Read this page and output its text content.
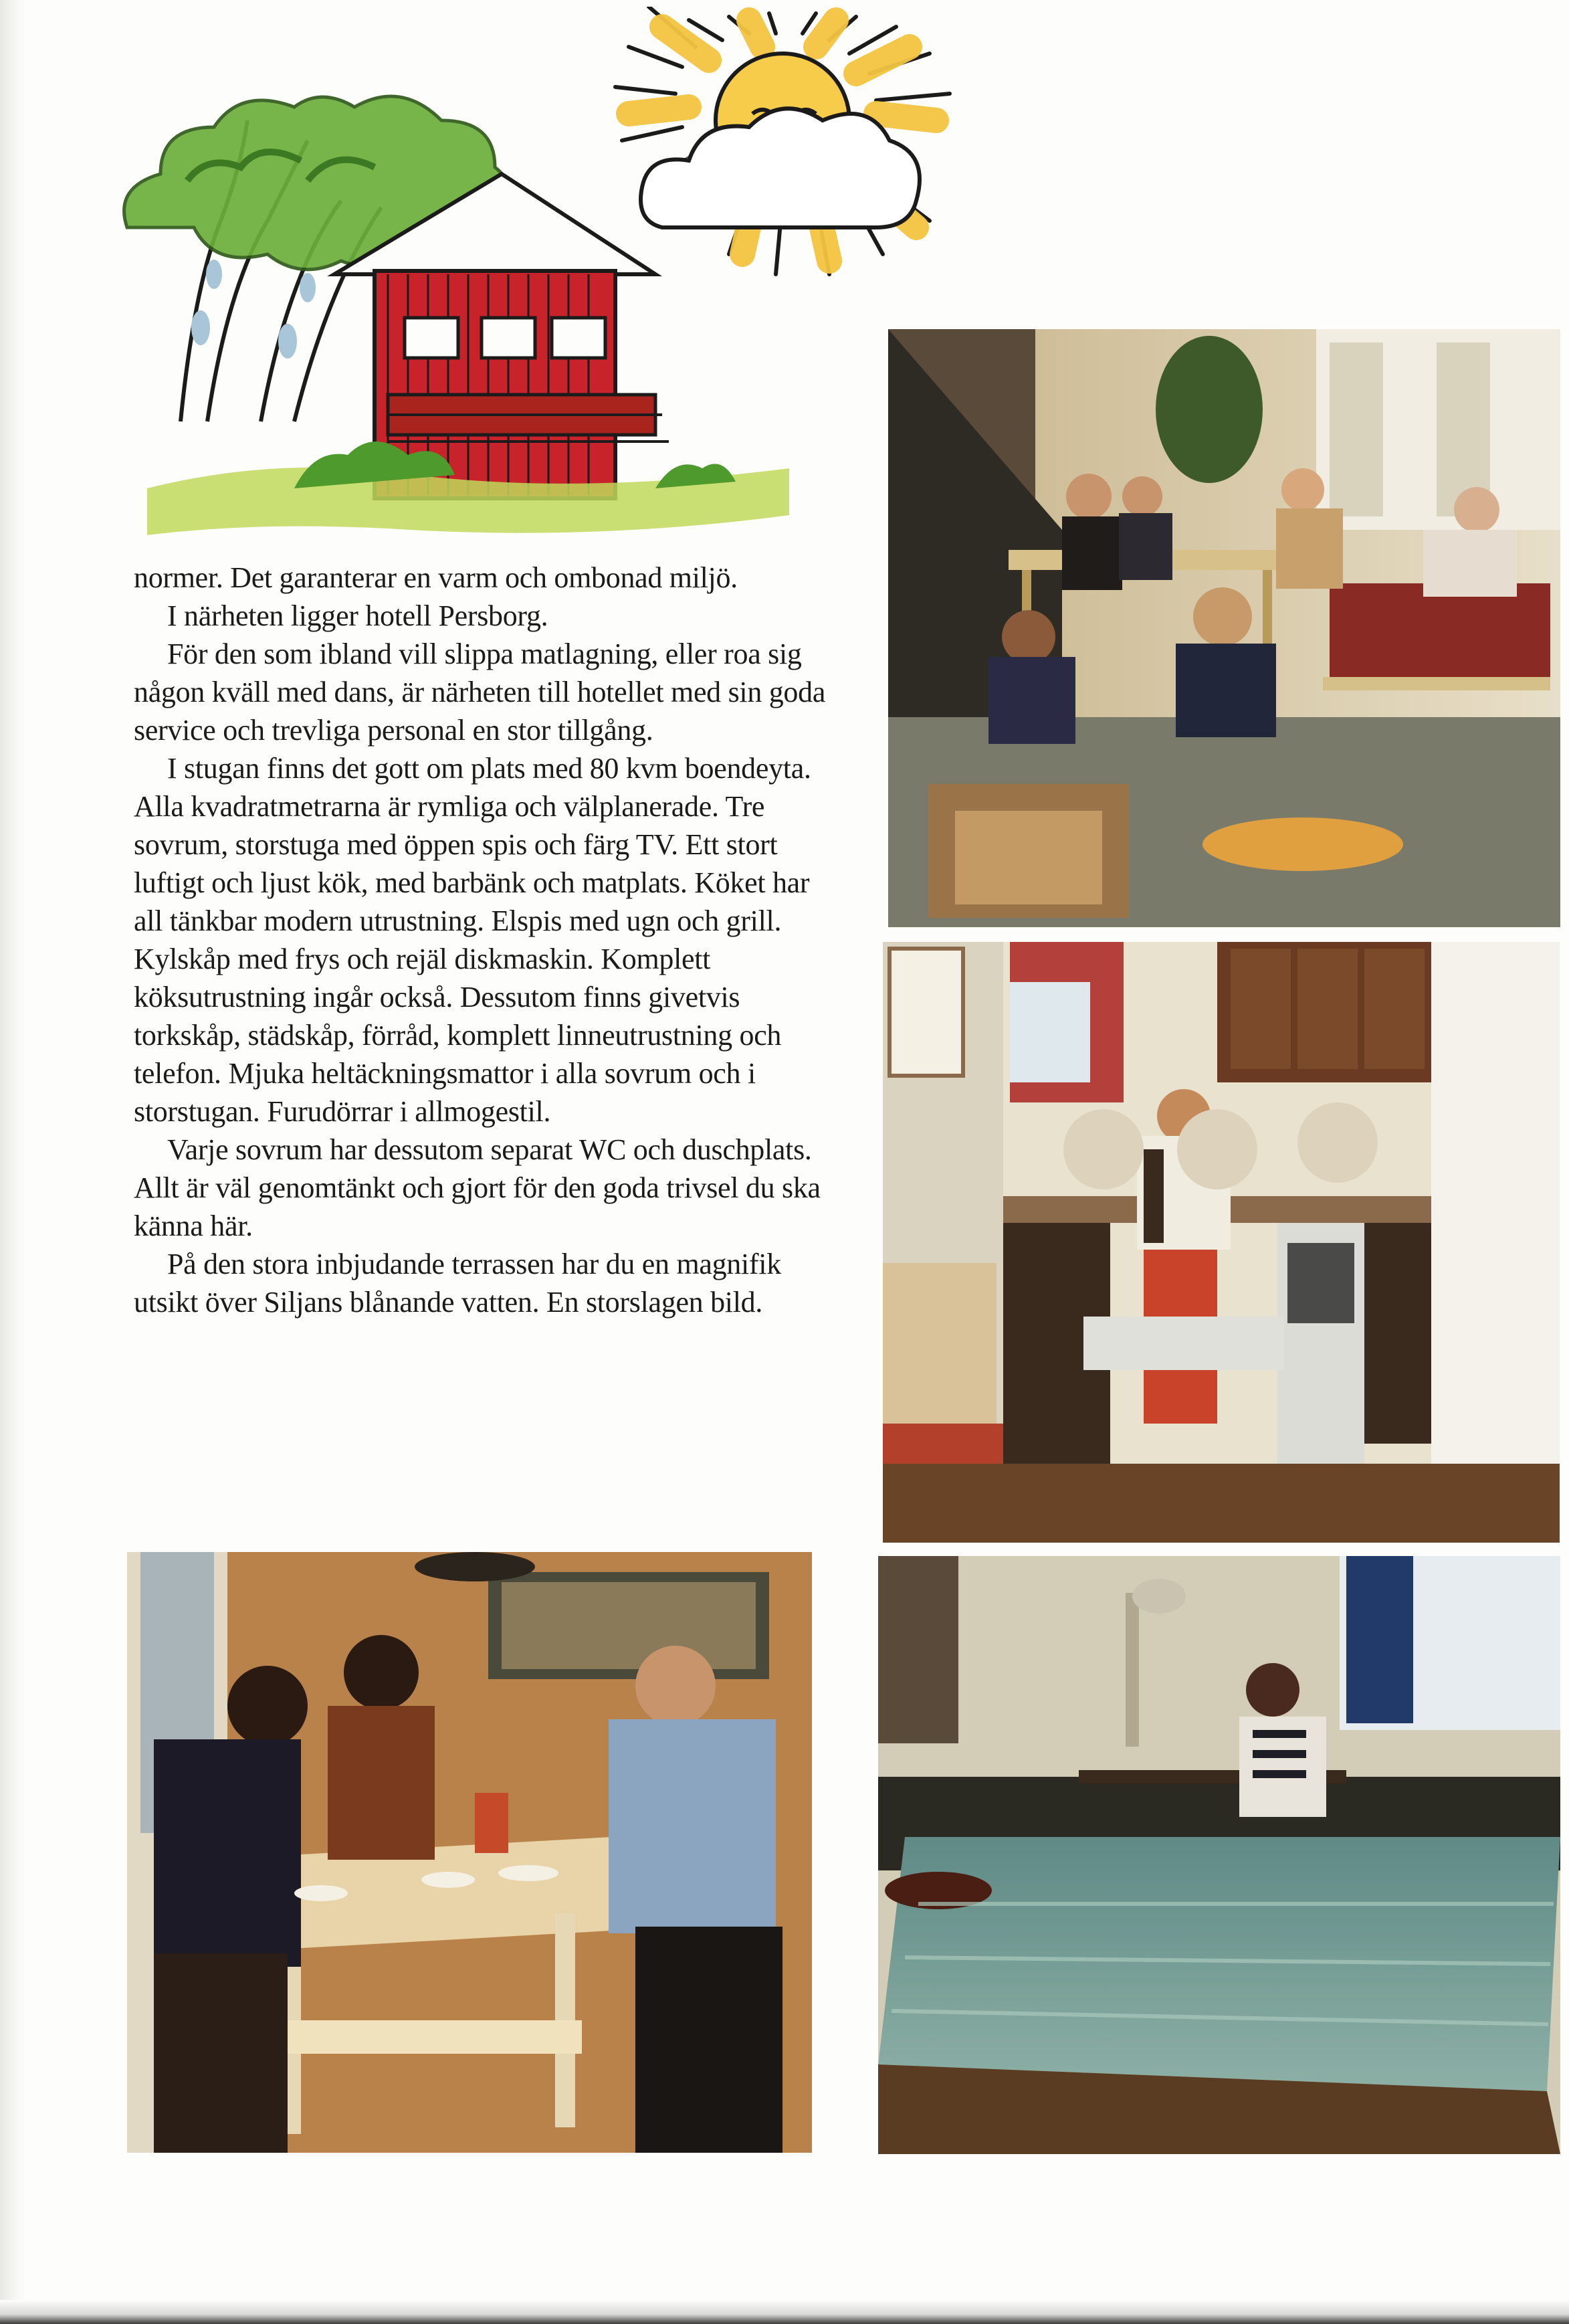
normer. Det garanterar en varm och ombonad miljö.

I närheten ligger hotell Persborg.

För den som ibland vill slippa matlagning, eller roa sig någon kväll med dans, är närheten till hotellet med sin goda service och trevliga personal en stor tillgång.

I stugan finns det gott om plats med 80 kvm boendeyta. Alla kvadratmetrarna är rymliga och välplanerade. Tre sovrum, storstuga med öppen spis och färg TV. Ett stort luftigt och ljust kök, med barbänk och matplats. Köket har all tänkbar modern utrustning. Elspis med ugn och grill. Kylskåp med frys och rejäl diskmaskin. Komplett köksutrustning ingår också. Dessutom finns givetvis torkskåp, städskåp, förråd, komplett linneutrustning och telefon. Mjuka heltäckningsmattor i alla sovrum och i storstugan. Furudörrar i allmogestil.

Varje sovrum har dessutom separat WC och duschplats. Allt är väl genomtänkt och gjort för den goda trivsel du ska känna här.

På den stora inbjudande terrassen har du en magnifik utsikt över Siljans blånande vatten. En storslagen bild.
